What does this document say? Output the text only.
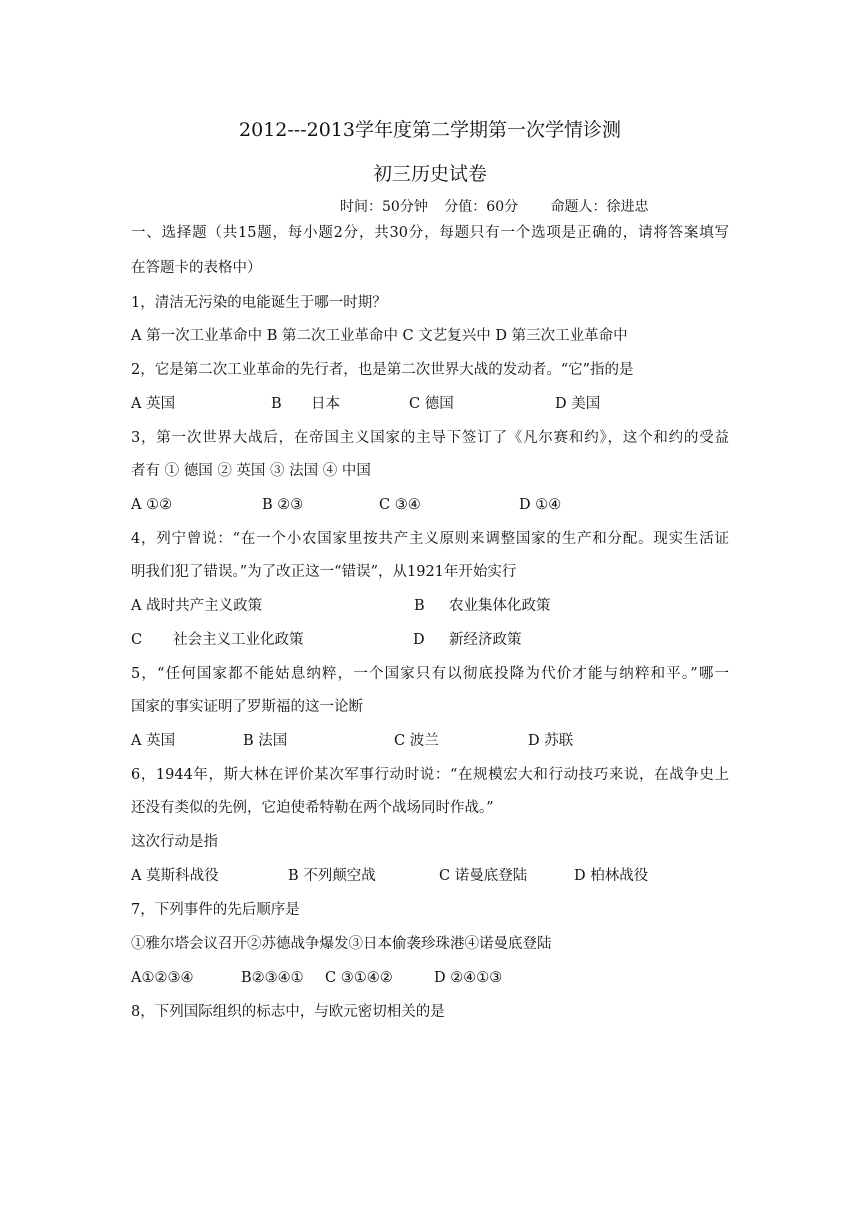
2012---2013学年度第二学期第一次学情诊测
初三历史试卷
时间：50分钟 分值：60分 命题人：徐进忠
一、选择题（共15题，每小题2分，共30分，每题只有一个选项是正确的，请将答案填写
在答题卡的表格中）
1，清洁无污染的电能诞生于哪一时期？
A 第一次工业革命中 B 第二次工业革命中 C 文艺复兴中 D 第三次工业革命中
2，它是第二次工业革命的先行者，也是第二次世界大战的发动者。“它”指的是
A 英国	B 日本	C 德国	D 美国
3，第一次世界大战后，在帝国主义国家的主导下签订了《凡尔赛和约》，这个和约的受益
者有 ① 德国 ② 英国 ③ 法国 ④ 中国
A ①②	B ②③	C ③④	D ①④
4，列宁曾说：“在一个小农国家里按共产主义原则来调整国家的生产和分配。现实生活证
明我们犯了错误。”为了改正这一“错误”，从1921年开始实行
A 战时共产主义政策	B 农业集体化政策
C 社会主义工业化政策	D 新经济政策
5，“任何国家都不能姑息纳粹，一个国家只有以彻底投降为代价才能与纳粹和平。”哪一
国家的事实证明了罗斯福的这一论断
A 英国	B 法国	C 波兰	D 苏联
6，1944年，斯大林在评价某次军事行动时说：“在规模宏大和行动技巧来说，在战争史上
还没有类似的先例，它迫使希特勒在两个战场同时作战。”
这次行动是指
A 莫斯科战役	B 不列颠空战	C 诺曼底登陆	D 柏林战役
7，下列事件的先后顺序是
①雅尔塔会议召开②苏德战争爆发③日本偷袭珍珠港④诺曼底登陆
A①②③④	B②③④① C ③①④②	D ②④①③
8，下列国际组织的标志中，与欧元密切相关的是
